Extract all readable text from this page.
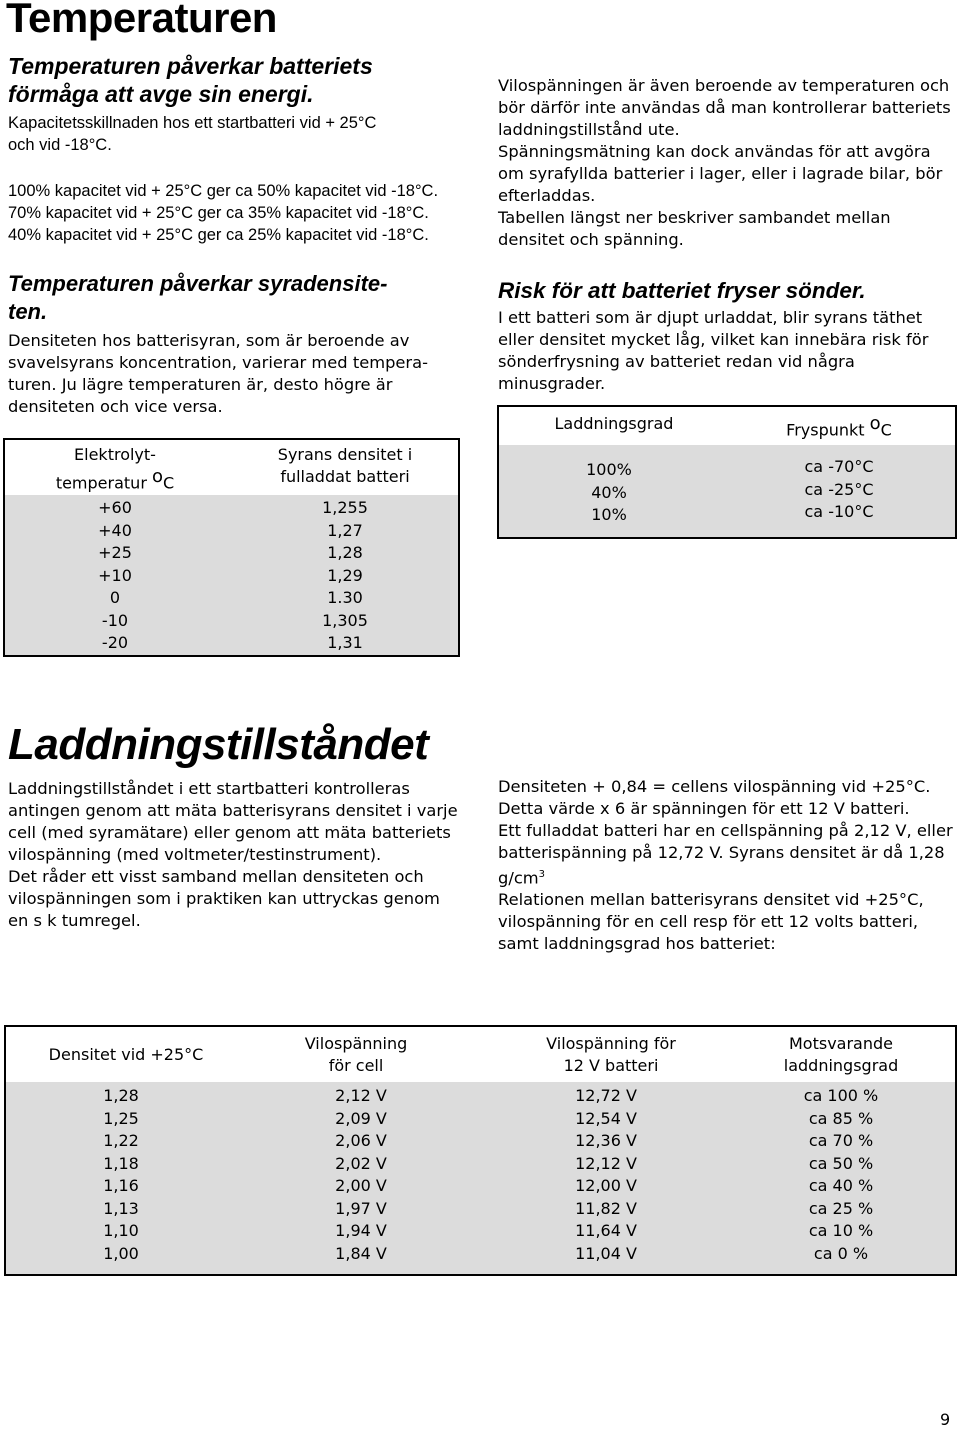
Temperaturen
Temperaturen påverkar batteriets förmåga att avge sin energi.
Kapacitetsskillnaden hos ett startbatteri vid + 25°C
och vid -18°C.
100% kapacitet vid + 25°C ger ca 50% kapacitet vid -18°C.
70% kapacitet vid + 25°C ger ca 35% kapacitet vid -18°C.
40% kapacitet vid + 25°C ger ca 25% kapacitet vid -18°C.
Temperaturen påverkar syradensite-
ten.
Densiteten hos batterisyran, som är beroende av svavelsyrans koncentration, varierar med temperaturen. Ju lägre temperaturen är, desto högre är densiteten och vice versa.
Elektrolyt-
temperatur $^o$C
Syrans densitet i
fulladdat batteri
+60
+40
+25
+10
0
-10
-20
1,255
1,27
1,28
1,29
1.30
1,305
1,31
Vilospänningen är även beroende av temperaturen och bör därför inte användas då man kontrollerar batteriets laddningstillstånd ute.
Spänningsmätning kan dock användas för att avgöra om syrafyllda batterier i lager, eller i lagrade bilar, bör efterladdas.
Tabellen längst ner beskriver sambandet mellan densitet och spänning.
Risk för att batteriet fryser sönder.
I ett batteri som är djupt urladdat, blir syrans täthet eller densitet mycket låg, vilket kan innebära risk för sönderfrysning av batteriet redan vid några minusgrader.
Laddningsgrad	Fryspunkt $^o$C
100%
40%
10%
ca -70°C
ca -25°C
ca -10°C
Laddningstillståndet
Laddningstillståndet i ett startbatteri kontrolleras antingen genom att mäta batterisyrans densitet i varje cell (med syramätare) eller genom att mäta batteriets vilospänning (med voltmeter/testinstrument).
Det råder ett visst samband mellan densiteten och vilospänningen som i praktiken kan uttryckas genom en s k tumregel.
Densiteten + 0,84 = cellens vilospänning vid +25°C.
Detta värde x 6 är spänningen för ett 12 V batteri.
Ett fulladdat batteri har en cellspänning på 2,12 V, eller batterispänning på 12,72 V. Syrans densitet är då 1,28 $g/cm^3$
Relationen mellan batterisyrans densitet vid +25°C, vilospänning för en cell resp för ett 12 volts batteri, samt laddningsgrad hos batteriet:
Densitet vid +25°C
Vilospänning
för cell
Vilospänning för
12 V batteri
Motsvarande
laddningsgrad
1,28
1,25
1,22
1,18
1,16
1,13
1,10
1,00
2,12 V
2,09 V
2,06 V
2,02 V
2,00 V
1,97 V
1,94 V
1,84 V
12,72 V
12,54 V
12,36 V
12,12 V
12,00 V
11,82 V
11,64 V
11,04 V
ca 100 %
ca 85 %
ca 70 %
ca 50 %
ca 40 %
ca 25 %
ca 10 %
ca 0 %
9
